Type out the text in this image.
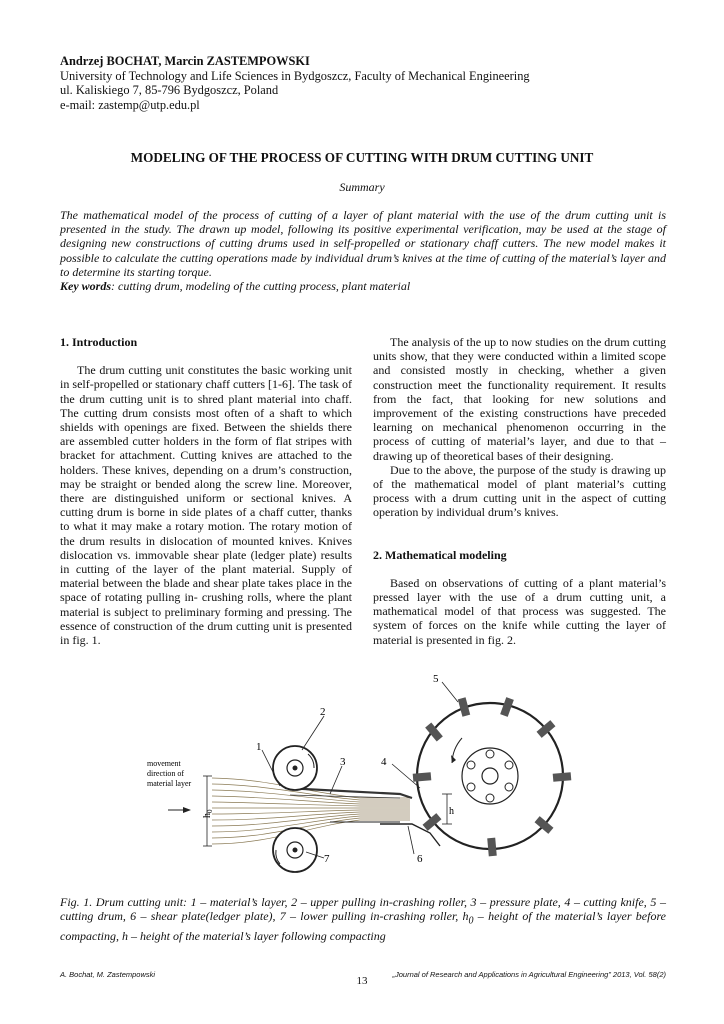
Andrzej BOCHAT, Marcin ZASTEMPOWSKI
University of Technology and Life Sciences in Bydgoszcz, Faculty of Mechanical Engineering
ul. Kaliskiego 7, 85-796 Bydgoszcz, Poland
e-mail: zastemp@utp.edu.pl
MODELING OF THE PROCESS OF CUTTING WITH DRUM CUTTING UNIT
Summary
The mathematical model of the process of cutting of a layer of plant material with the use of the drum cutting unit is presented in the study. The drawn up model, following its positive experimental verification, may be used at the stage of designing new constructions of cutting drums used in self-propelled or stationary chaff cutters. The new model makes it possible to calculate the cutting operations made by individual drum’s knives at the time of cutting of the material’s layer and to determine its starting torque.
Key words: cutting drum, modeling of the cutting process, plant material
1. Introduction

The drum cutting unit constitutes the basic working unit in self-propelled or stationary chaff cutters [1-6]. The task of the drum cutting unit is to shred plant material into chaff. The cutting drum consists most often of a shaft to which shields with openings are fixed. Between the shields there are assembled cutter holders in the form of flat stripes with bracket for attachment. Cutting knives are attached to the holders. These knives, depending on a drum’s construction, may be straight or bended along the screw line. Moreover, there are distinguished uniform or sectional knives. A cutting drum is borne in side plates of a chaff cutter, thanks to what it may make a rotary motion. The rotary motion of the drum results in dislocation of mounted knives. Knives dislocation vs. immovable shear plate (ledger plate) results in cutting of the layer of the plant material. Supply of material between the blade and shear plate takes place in the space of rotating pulling in- crushing rolls, where the plant material is subject to preliminary forming and pressing. The essence of construction of the drum cutting unit is presented in fig. 1.

The analysis of the up to now studies on the drum cutting units show, that they were conducted within a limited scope and consisted mostly in checking, whether a given construction meet the functionality requirement. It results from the fact, that looking for new solutions and improvement of the existing constructions have preceded learning on mechanical phenomenon occurring in the process of cutting of material’s layer, and due to that – drawing up of theoretical bases of their designing.

Due to the above, the purpose of the study is drawing up of the mathematical model of plant material’s cutting process with a drum cutting unit in the aspect of cutting operation by individual drum’s knives.

2. Mathematical modeling

Based on observations of cutting of a plant material’s pressed layer with the use of a drum cutting unit, a mathematical model of that process was suggested. The system of forces on the knife while cutting the layer of material is presented in fig. 2.

movement
direction of
material layer
$h_0$	h
1
2
3	4
5
6
7
Fig. 1. Drum cutting unit: 1 – material’s layer, 2 – upper pulling in-crashing roller, 3 – pressure plate, 4 – cutting knife, 5 – cutting drum, 6 – shear plate(ledger plate), 7 – lower pulling in-crashing roller, $h_0$ – height of the material’s layer before compacting, h – height of the material’s layer following compacting
A. Bochat, M. Zastempowski	„Journal of Research and Applications in Agricultural Engineering” 2013, Vol. 58(2)
13
